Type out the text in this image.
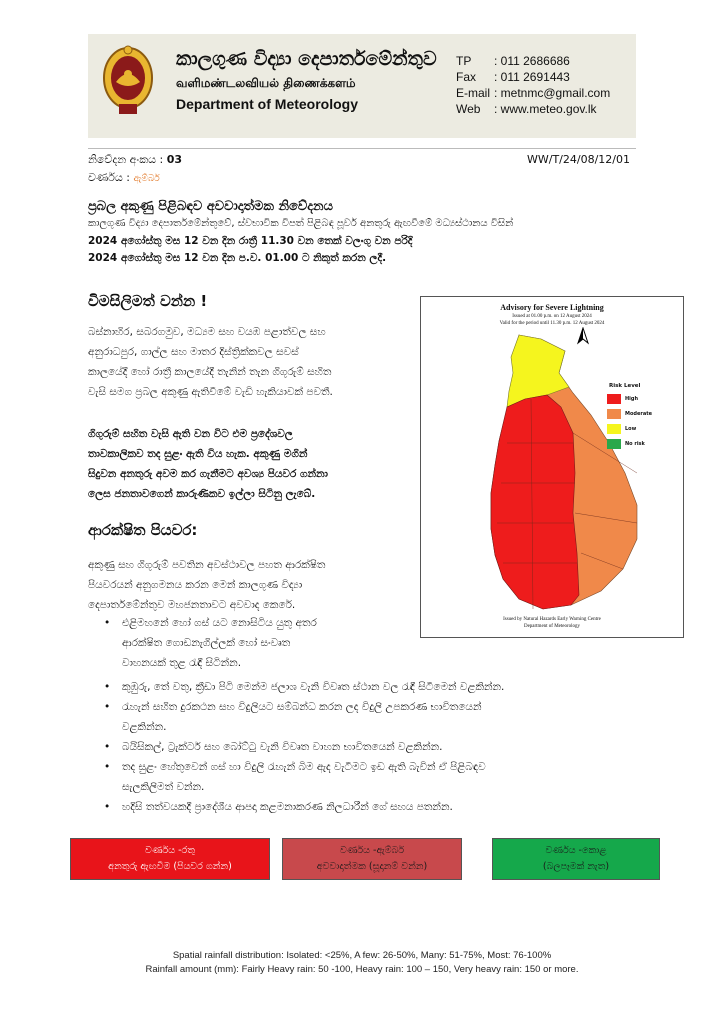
කාලගුණ විද්‍යා දෙපාර්තමේන්තුව
வளிமண்டலவியல் திணைக்களம்
Department of Meteorology
TP : 011 2686686
Fax : 011 2691443
E-mail : metnmc@gmail.com
Web : www.meteo.gov.lk
නිවේදන අංකය : 03	WW/T/24/08/12/01
වර්ණය : ඇම්බර්
ප්‍රබල අකුණු පිළිබඳව අවවාදාත්මක නිවේදනය
කාලගුණ විද්‍යා දෙපාර්තමේන්තුවේ, ස්වභාවික විපත් පිළිබඳ පූර්ව අනතුරු ඇඟවීමේ මධ්‍යස්ථානය විසින්
2024 අගෝස්තු මස 12 වන දින රාත්‍රී 11.30 වන තෙක් වලංගු වන පරිදි
2024 අගෝස්තු මස 12 වන දින ප.ව. 01.00 ට නිකුත් කරන ලදී.
විමසිලිමත් වන්න !
බස්නාහිර, සබරගමුව, මධ්‍යම සහ වයඹ පළාත්වල සහ
අනුරාධපුර, ගාල්ල සහ මාතර දිස්ත්‍රික්කවල සවස්
කාලයේදී හෝ රාත්‍රී කාලයේදී තැනින් තැන ගිගුරුම් සහිත
වැසි සමග ප්‍රබල අකුණු ඇතිවීමේ වැඩි හැකියාවක් පවතී.
ගිගුරුම් සහිත වැසි ඇති වන විට එම ප්‍රදේශවල
තාවකාලිකව තද සුළං ඇති විය හැක. අකුණු මගින්
සිදුවන අනතුරු අවම කර ගැනීමට අවශ්‍ය පියවර ගන්නා
ලෙස ජනතාවගෙන් කාරුණිකව ඉල්ලා සිටිනු ලැබේ.
Advisory for Severe Lightning
Issued at 01.00 p.m. on 12 August 2024
Valid for the period until 11.30 p.m. 12 August 2024
Risk Level
High
Moderate
Low
No risk
Issued by Natural Hazards Early Warning Centre
Department of Meteorology
ආරක්ෂිත පියවර:
අකුණු සහ ගිගුරුම් පවතින අවස්ථාවල පහත ආරක්ෂිත
පියවරයන් අනුගමනය කරන මෙන් කාලගුණ විද්‍යා
දෙපාර්තමේන්තුව මහජනතාවට අවවාද කෙරේ.
• එළිමහනේ හෝ ගස් යට නොසිටිය යුතු අතර
ආරක්ෂිත ගොඩනැගිල්ලක් හෝ සංවෘත
වාහනයක් තුළ රැඳී සිටින්න.
• කුඹුරු, තේ වතු, ක්‍රීඩා පිටි මෙන්ම ජලාශ වැනි විවෘත ස්ථාන වල රැඳී සිටීමෙන් වළකින්න.
• රැහැන් සහිත දුරකථන සහ විදුලියට සම්බන්ධ කරන ලද විදුලි උපකරණ භාවිතයෙන්
වළකින්න.
• බයිසිකල්, ට්‍රැක්ටර් සහ බෝට්ටු වැනි විවෘත වාහන භාවිතයෙන් වළකින්න.
• තද සුළං හේතුවෙන් ගස් හා විදුලි රැහැන් බිම ඇද වැටීමට ඉඩ ඇති බැවින් ඒ පිළිබඳව
සැලකිලිමත් වන්න.
• හදිසි තත්වයකදී ප්‍රාදේශීය ආපදා කළමනාකරණ නිලධාරීන් ගේ සහය පතන්න.
වර්ණය -රතු
අනතුරු ඇඟවීම (පියවර ගන්න)
වර්ණය -ඇම්බර්
අවවාදාත්මක (සූදානම් වන්න)
වර්ණය -කොළ
(බලපෑමක් නැත)
Spatial rainfall distribution: Isolated: <25%, A few: 26-50%, Many: 51-75%, Most: 76-100%
Rainfall amount (mm): Fairly Heavy rain: 50 -100, Heavy rain: 100 – 150, Very heavy rain: 150 or more.
